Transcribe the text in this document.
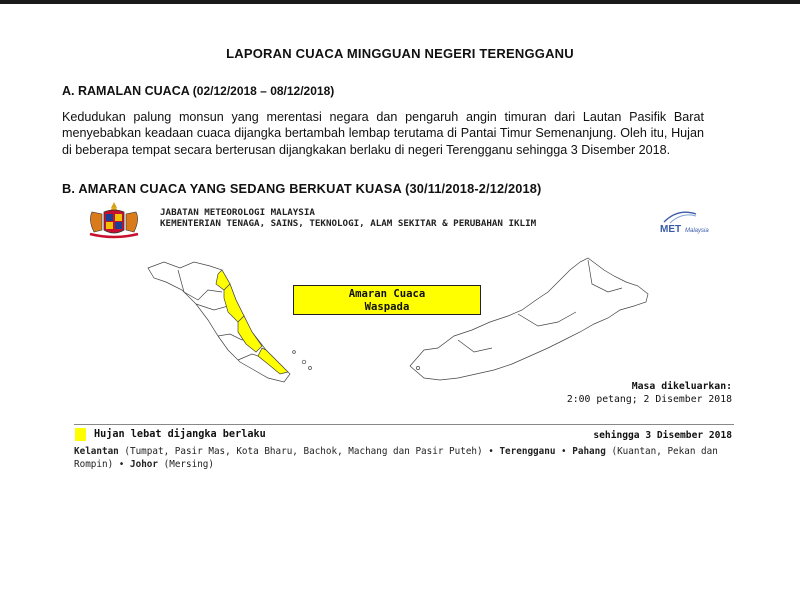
LAPORAN CUACA MINGGUAN NEGERI TERENGGANU
A. RAMALAN CUACA (02/12/2018 – 08/12/2018)
Kedudukan palung monsun yang merentasi negara dan pengaruh angin timuran dari Lautan Pasifik Barat menyebabkan keadaan cuaca dijangka bertambah lembap terutama di Pantai Timur Semenanjung. Oleh itu, Hujan di beberapa tempat secara berterusan dijangkakan berlaku di negeri Terengganu sehingga 3 Disember 2018.
B. AMARAN CUACA YANG SEDANG BERKUAT KUASA (30/11/2018-2/12/2018)
JABATAN METEOROLOGI MALAYSIA
KEMENTERIAN TENAGA, SAINS, TEKNOLOGI, ALAM SEKITAR & PERUBAHAN IKLIM
MET Malaysia
Amaran Cuaca
Waspada
Masa dikeluarkan:
2:00 petang; 2 Disember 2018
Hujan lebat dijangka berlaku	sehingga 3 Disember 2018
Kelantan (Tumpat, Pasir Mas, Kota Bharu, Bachok, Machang dan Pasir Puteh) • Terengganu • Pahang (Kuantan, Pekan dan Rompin) • Johor (Mersing)
